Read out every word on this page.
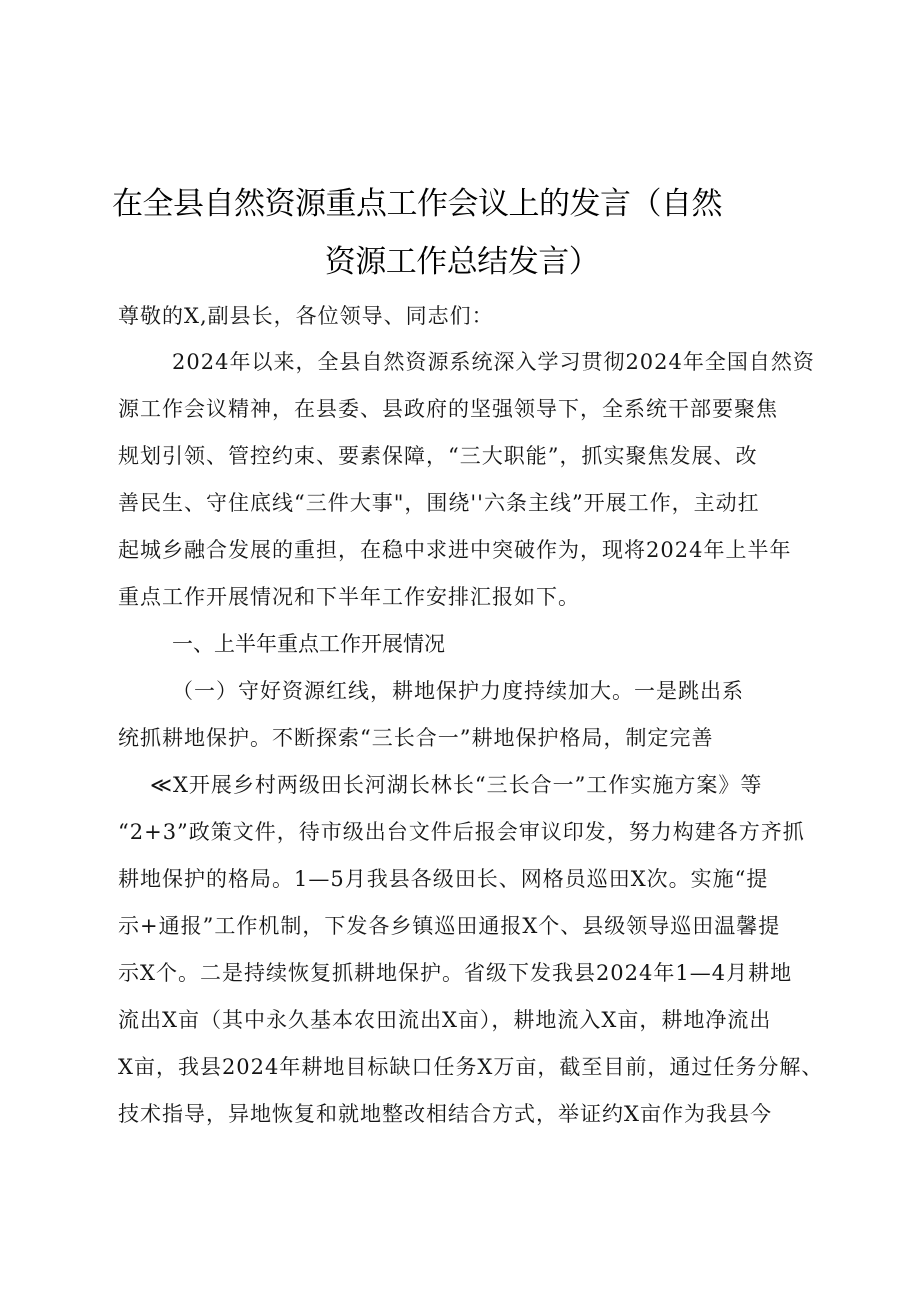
在全县自然资源重点工作会议上的发言（自然
资源工作总结发言）
尊敬的X,副县长，各位领导、同志们：
2024年以来，全县自然资源系统深入学习贯彻2024年全国自然资
源工作会议精神，在县委、县政府的坚强领导下，全系统干部要聚焦
规划引领、管控约束、要素保障，“三大职能”，抓实聚焦发展、改
善民生、守住底线“三件大事"，围绕''六条主线”开展工作，主动扛
起城乡融合发展的重担，在稳中求进中突破作为，现将2024年上半年
重点工作开展情况和下半年工作安排汇报如下。
一、上半年重点工作开展情况
（一）守好资源红线，耕地保护力度持续加大。一是跳出系
统抓耕地保护。不断探索“三长合一”耕地保护格局，制定完善
≪X开展乡村两级田长河湖长林长“三长合一”工作实施方案》等
“2+3”政策文件，待市级出台文件后报会审议印发，努力构建各方齐抓
耕地保护的格局。1—5月我县各级田长、网格员巡田X次。实施“提
示+通报”工作机制，下发各乡镇巡田通报X个、县级领导巡田温馨提
示X个。二是持续恢复抓耕地保护。省级下发我县2024年1—4月耕地
流出X亩（其中永久基本农田流出X亩），耕地流入X亩，耕地净流出
X亩，我县2024年耕地目标缺口任务X万亩，截至目前，通过任务分解、
技术指导，异地恢复和就地整改相结合方式，举证约X亩作为我县今
